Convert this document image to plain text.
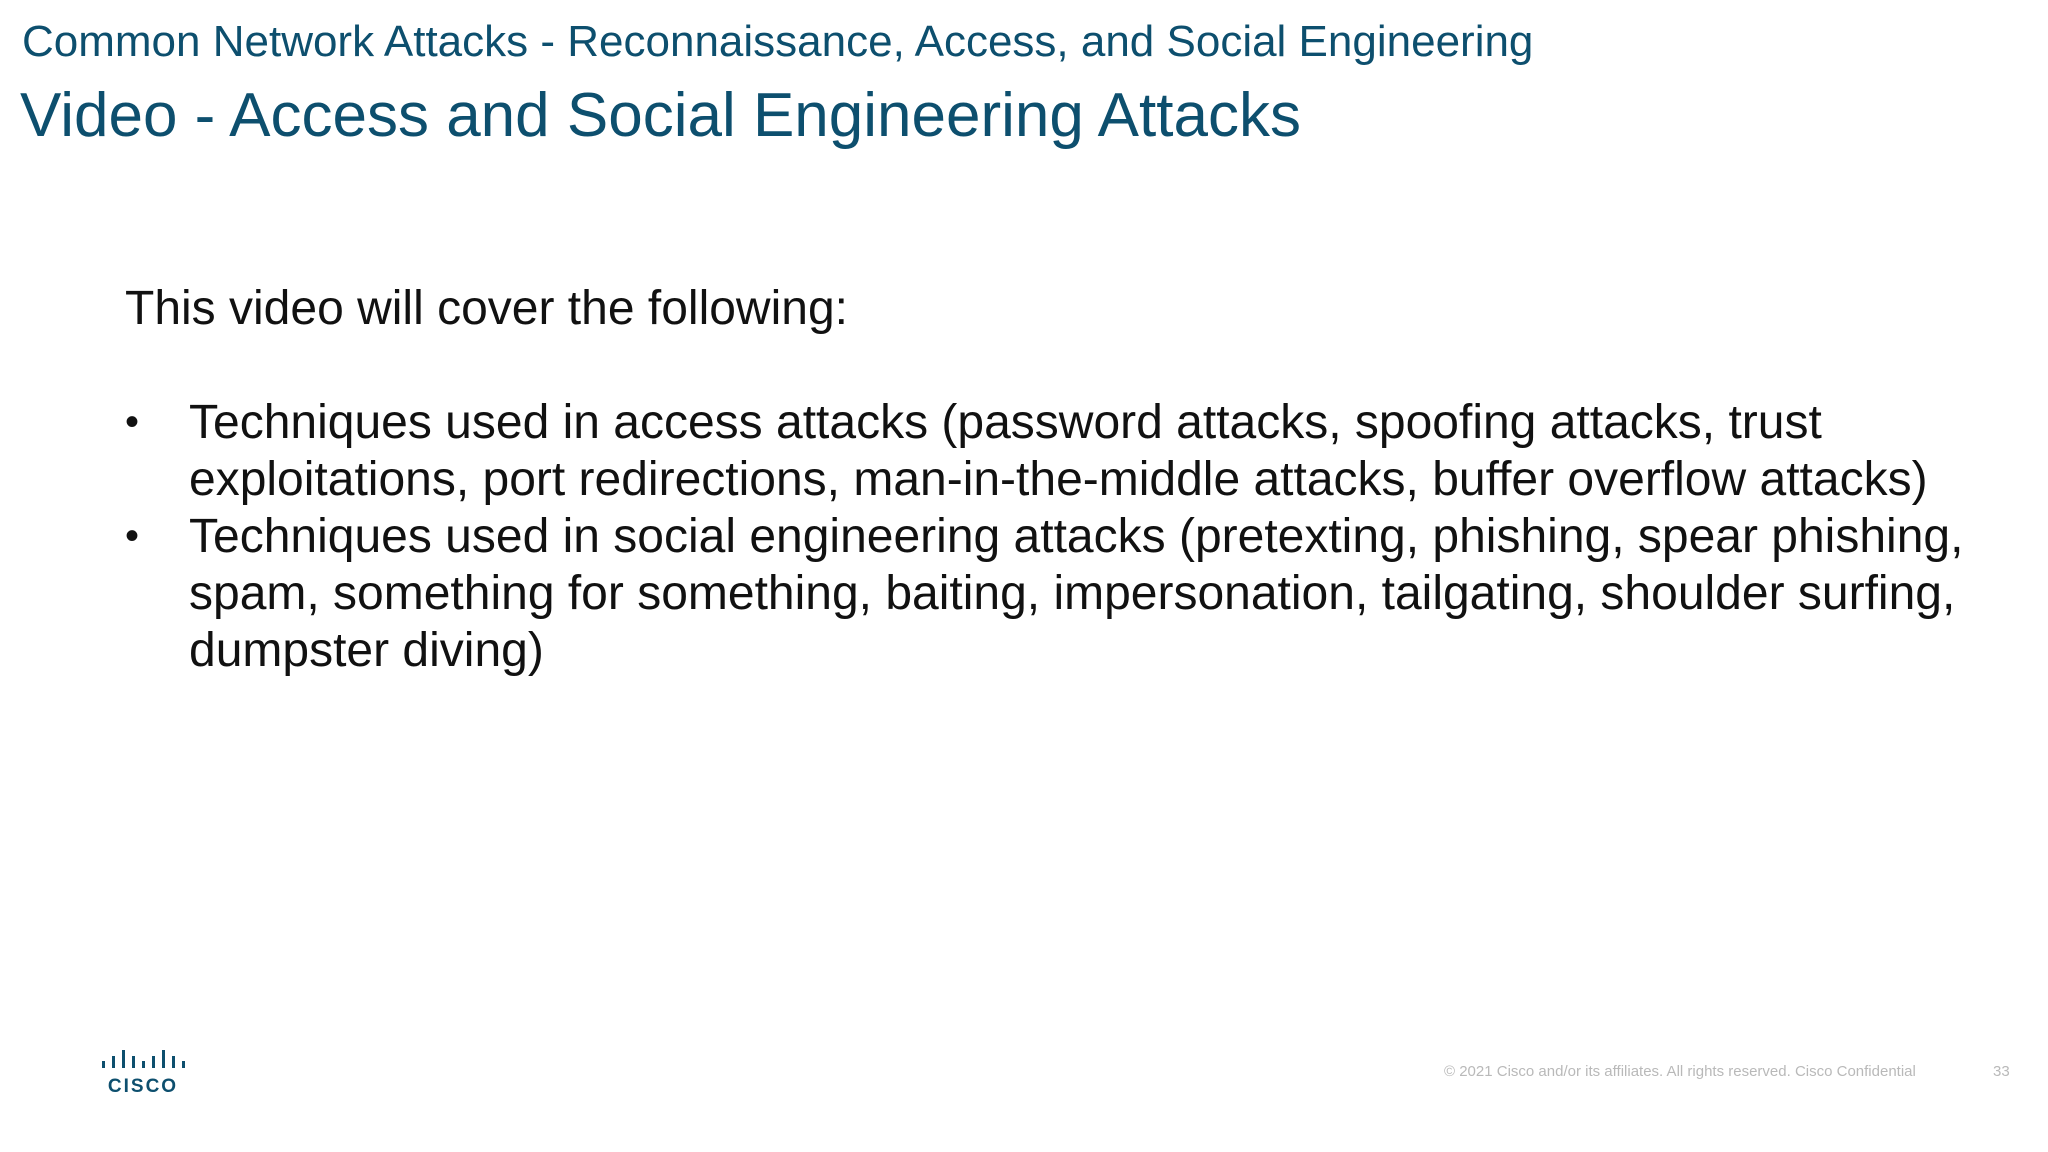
Common Network Attacks - Reconnaissance, Access, and Social Engineering
Video - Access and Social Engineering Attacks

This video will cover the following:

• Techniques used in access attacks (password attacks, spoofing attacks, trust exploitations, port redirections, man-in-the-middle attacks, buffer overflow attacks)
• Techniques used in social engineering attacks (pretexting, phishing, spear phishing, spam, something for something, baiting, impersonation, tailgating, shoulder surfing, dumpster diving)
CISCO
© 2021 Cisco and/or its affiliates. All rights reserved. Cisco Confidential	33
